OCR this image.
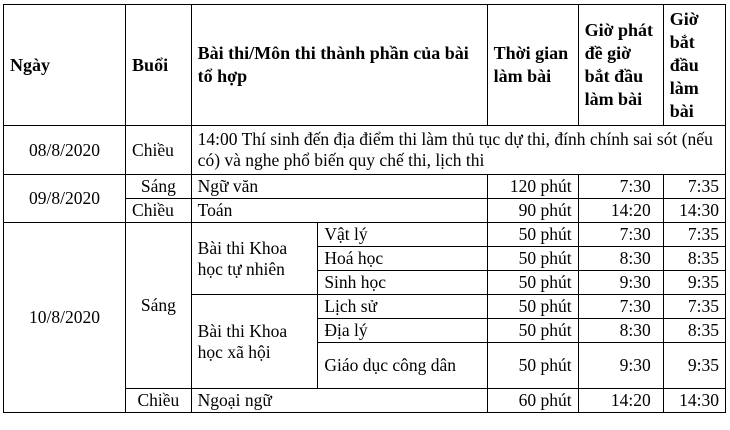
Ngày	Buổi	Bài thi/Môn thi thành phần của bài tổ hợp		Thời gian làm bài	Giờ phát đề giờ bắt đầu làm bài	Giờ bắt đầu làm bài
08/8/2020	Chiều	14:00 Thí sinh đến địa điểm thi làm thủ tục dự thi, đính chính sai sót (nếu có) và nghe phổ biến quy chế thi, lịch thi				
09/8/2020	Sáng	Ngữ văn		120 phút	7:30	7:35
	Chiều	Toán		90 phút	14:20	14:30
10/8/2020	Sáng	Bài thi Khoa học tự nhiên	Vật lý	50 phút	7:30	7:35
			Hoá học	50 phút	8:30	8:35
			Sinh học	50 phút	9:30	9:35
		Bài thi Khoa học xã hội	Lịch sử	50 phút	7:30	7:35
			Địa lý	50 phút	8:30	8:35
			Giáo dục công dân	50 phút	9:30	9:35
	Chiều	Ngoại ngữ		60 phút	14:20	14:30
